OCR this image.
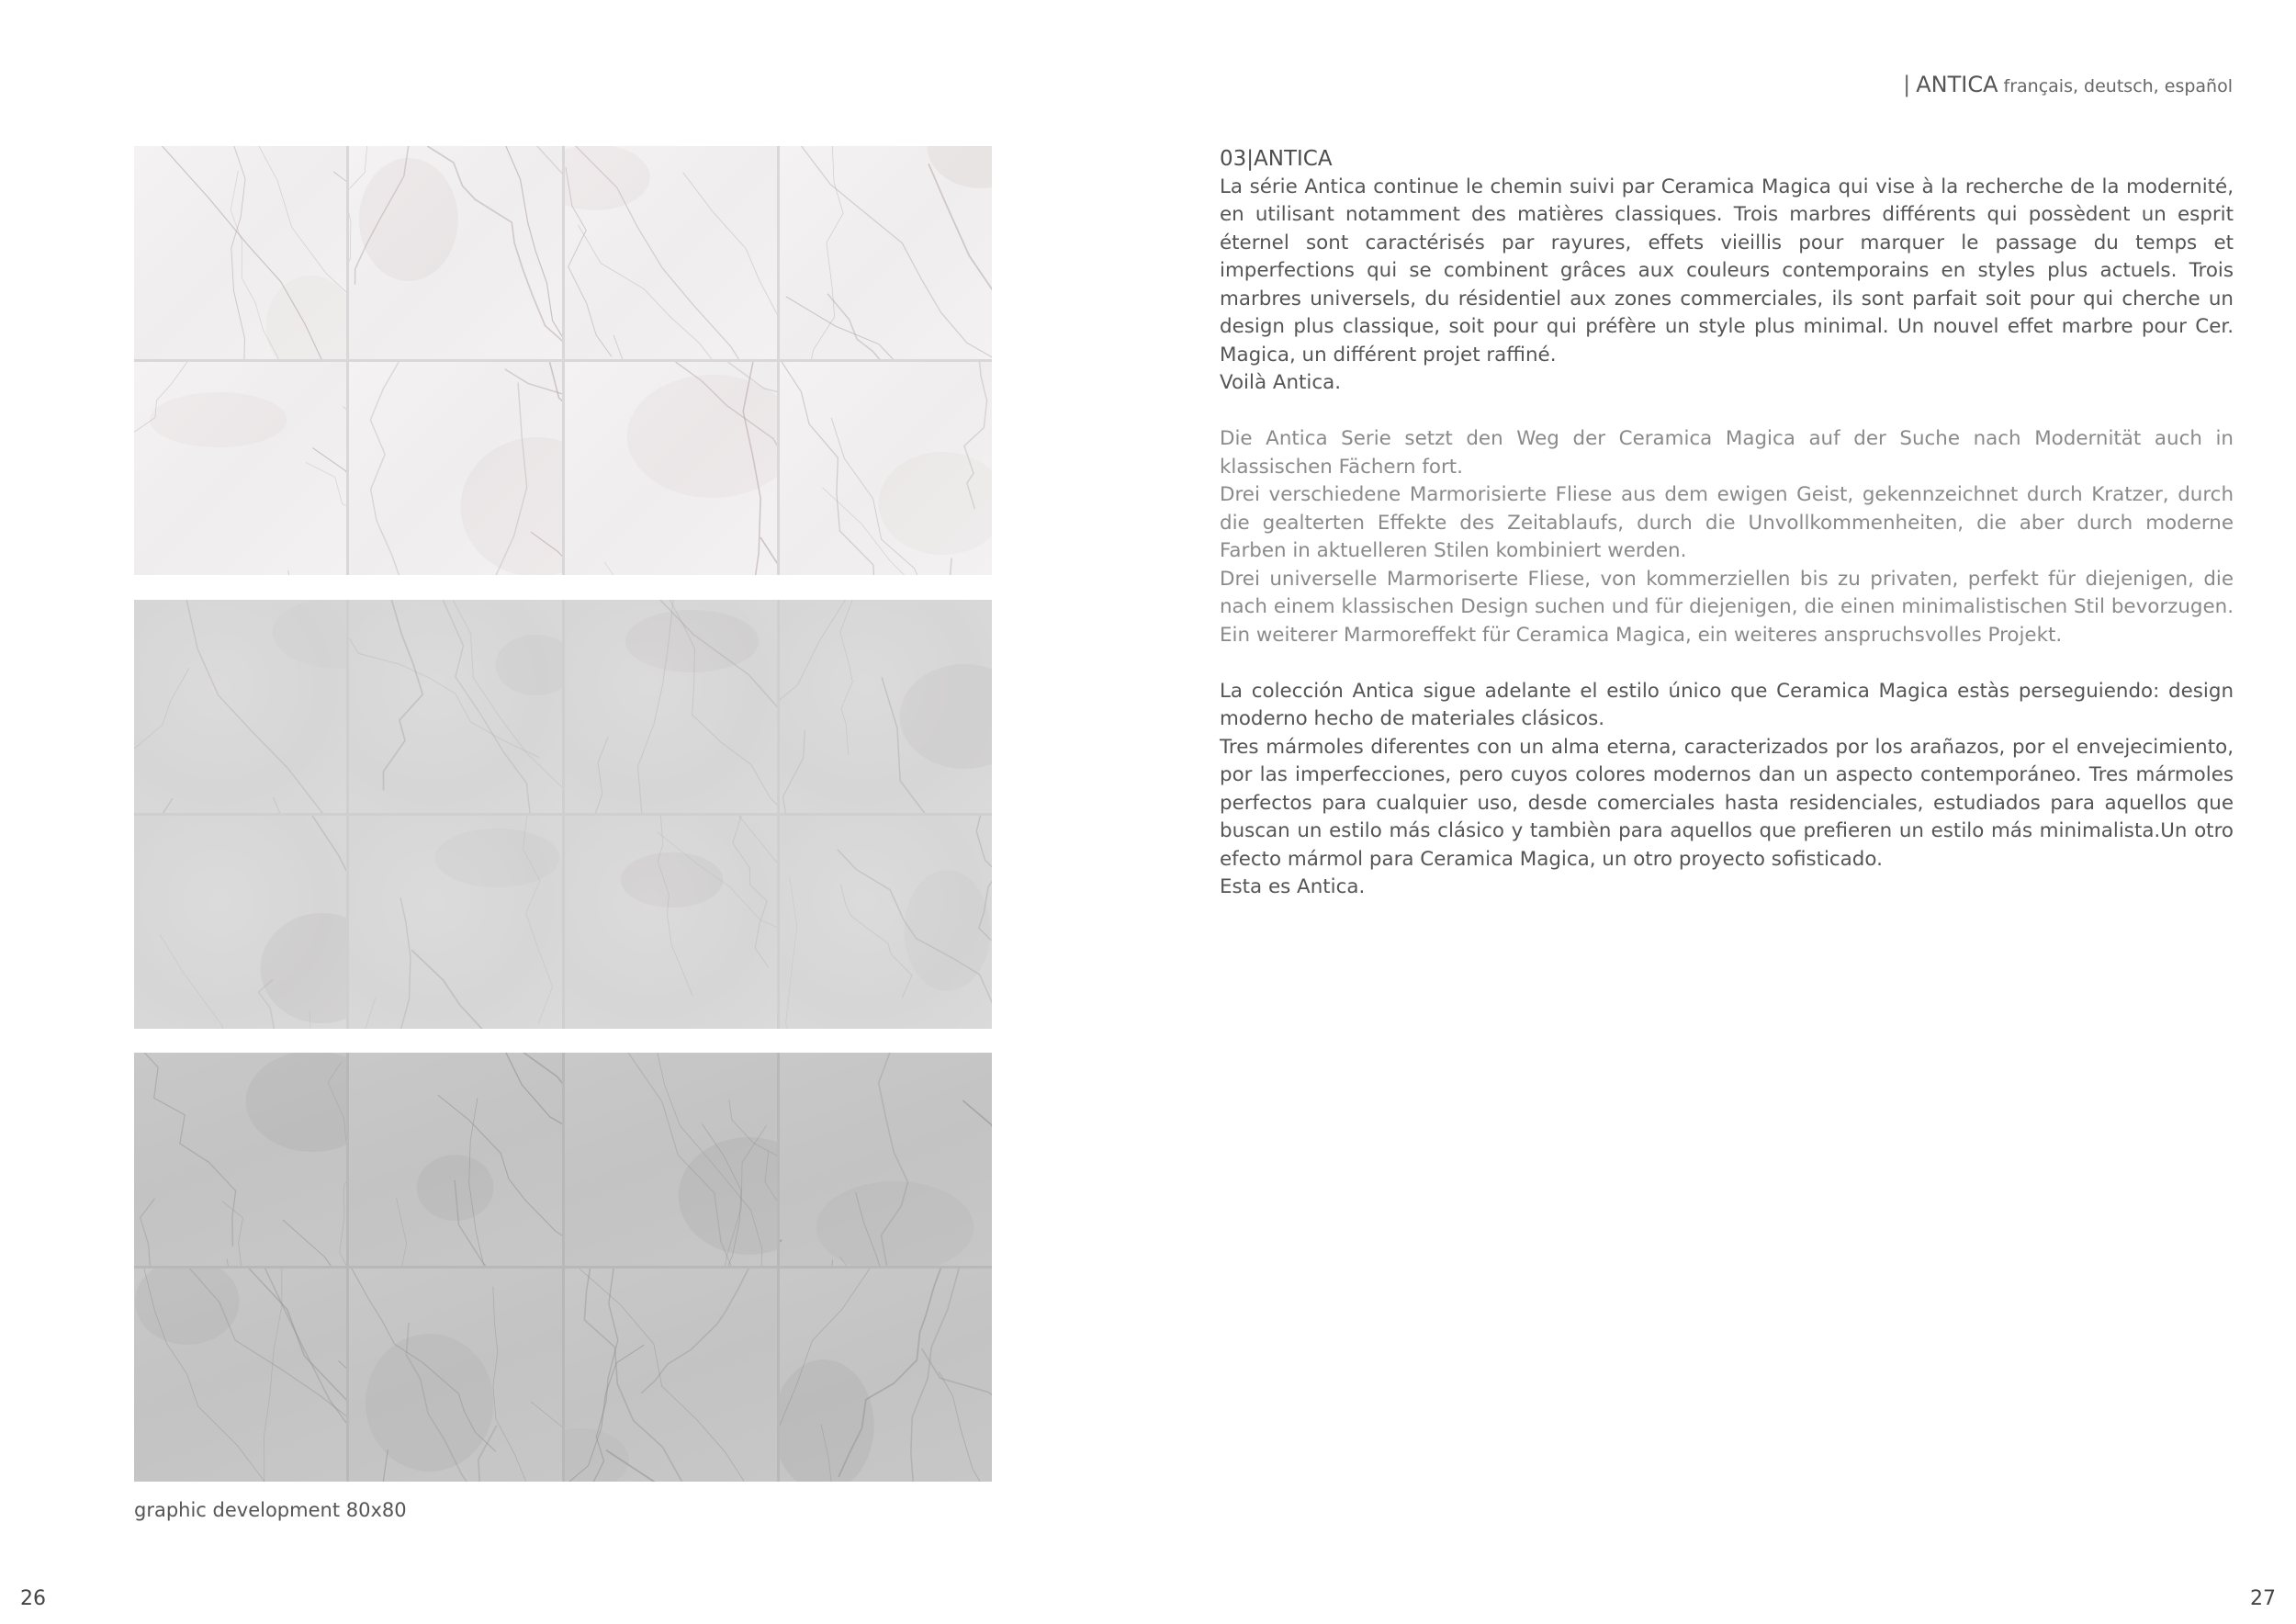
| ANTICA français, deutsch, español
graphic development 80x80
03|ANTICA

La série Antica continue le chemin suivi par Ceramica Magica qui vise à la recherche de la modernité, en utilisant notamment des matières classiques. Trois marbres différents qui possèdent un esprit éternel sont caractérisés par rayures, effets vieillis pour marquer le passage du temps et imperfections qui se combinent grâces aux couleurs contemporains en styles plus actuels. Trois marbres universels, du résidentiel aux zones commerciales, ils sont parfait soit pour qui cherche un design plus classique, soit pour qui préfère un style plus minimal. Un nouvel effet marbre pour Cer. Magica, un différent projet raffiné.

Voilà Antica.

Die Antica Serie setzt den Weg der Ceramica Magica auf der Suche nach Modernität auch in klassischen Fächern fort.

Drei verschiedene Marmorisierte Fliese aus dem ewigen Geist, gekennzeichnet durch Kratzer, durch die gealterten Effekte des Zeitablaufs, durch die Unvollkommenheiten, die aber durch moderne Farben in aktuelleren Stilen kombiniert werden.

Drei universelle Marmoriserte Fliese, von kommerziellen bis zu privaten, perfekt für diejenigen, die nach einem klassischen Design suchen und für diejenigen, die einen minimalistischen Stil bevorzugen. Ein weiterer Marmoreffekt für Ceramica Magica, ein weiteres anspruchsvolles Projekt.

La colección Antica sigue adelante el estilo único que Ceramica Magica estàs perseguiendo: design moderno hecho de materiales clásicos.

Tres mármoles diferentes con un alma eterna, caracterizados por los arañazos, por el envejecimiento, por las imperfecciones, pero cuyos colores modernos dan un aspecto contemporáneo. Tres mármoles perfectos para cualquier uso, desde comerciales hasta residenciales, estudiados para aquellos que buscan un estilo más clásico y tambièn para aquellos que prefieren un estilo más minimalista.Un otro efecto mármol para Ceramica Magica, un otro proyecto sofisticado.

Esta es Antica.

26	27
